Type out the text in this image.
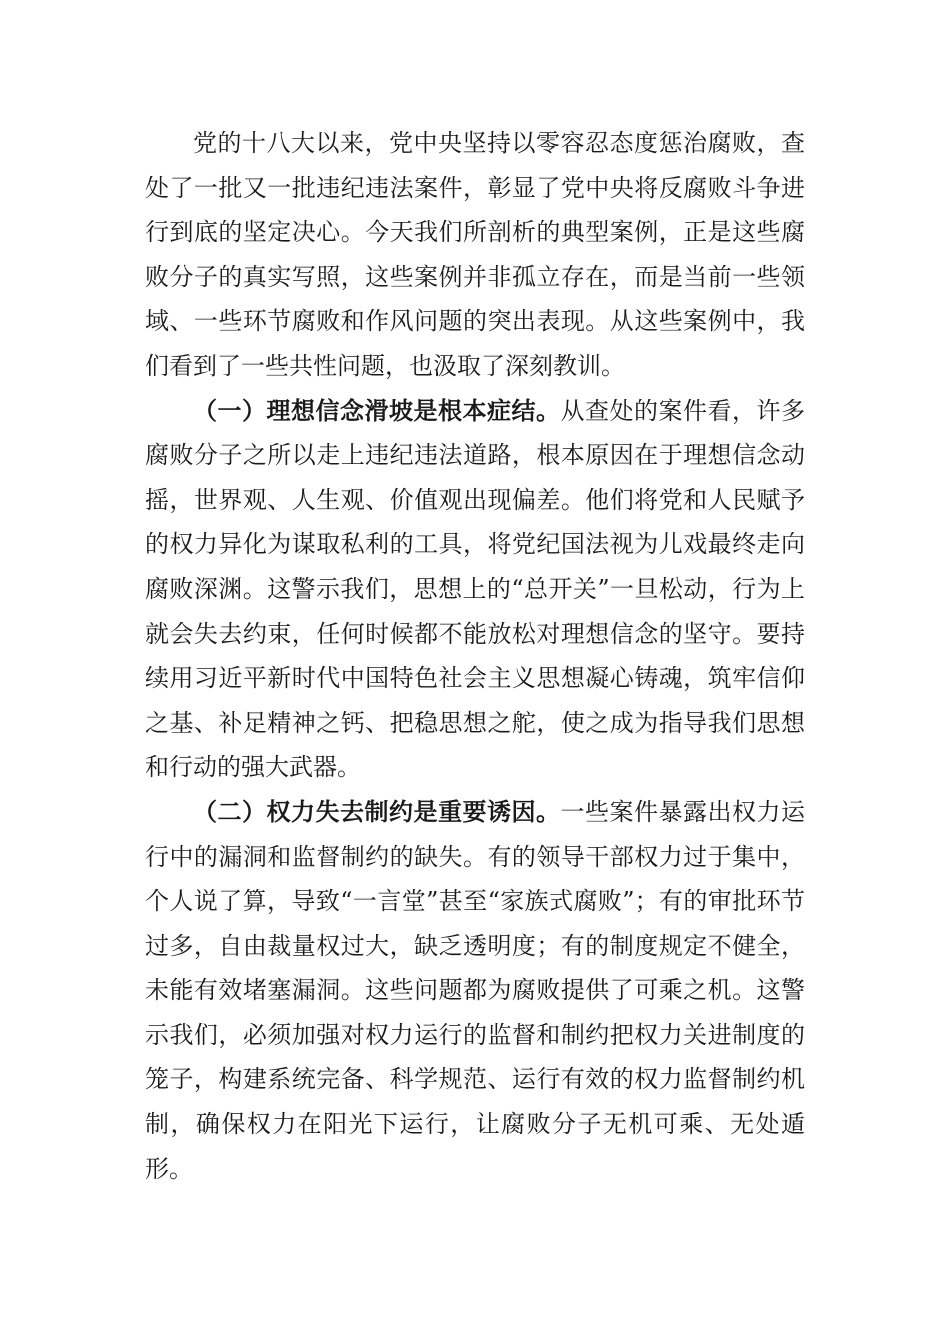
党的十八大以来，党中央坚持以零容忍态度惩治腐败，查处了一批又一批违纪违法案件，彰显了党中央将反腐败斗争进行到底的坚定决心。今天我们所剖析的典型案例，正是这些腐败分子的真实写照，这些案例并非孤立存在，而是当前一些领域、一些环节腐败和作风问题的突出表现。从这些案例中，我们看到了一些共性问题，也汲取了深刻教训。

（一）理想信念滑坡是根本症结。从查处的案件看，许多腐败分子之所以走上违纪违法道路，根本原因在于理想信念动摇，世界观、人生观、价值观出现偏差。他们将党和人民赋予的权力异化为谋取私利的工具，将党纪国法视为儿戏最终走向腐败深渊。这警示我们，思想上的“总开关”一旦松动，行为上就会失去约束，任何时候都不能放松对理想信念的坚守。要持续用习近平新时代中国特色社会主义思想凝心铸魂，筑牢信仰之基、补足精神之钙、把稳思想之舵，使之成为指导我们思想和行动的强大武器。

（二）权力失去制约是重要诱因。一些案件暴露出权力运行中的漏洞和监督制约的缺失。有的领导干部权力过于集中，个人说了算，导致“一言堂”甚至“家族式腐败”；有的审批环节过多，自由裁量权过大，缺乏透明度；有的制度规定不健全，未能有效堵塞漏洞。这些问题都为腐败提供了可乘之机。这警示我们，必须加强对权力运行的监督和制约把权力关进制度的笼子，构建系统完备、科学规范、运行有效的权力监督制约机制，确保权力在阳光下运行，让腐败分子无机可乘、无处遁形。
